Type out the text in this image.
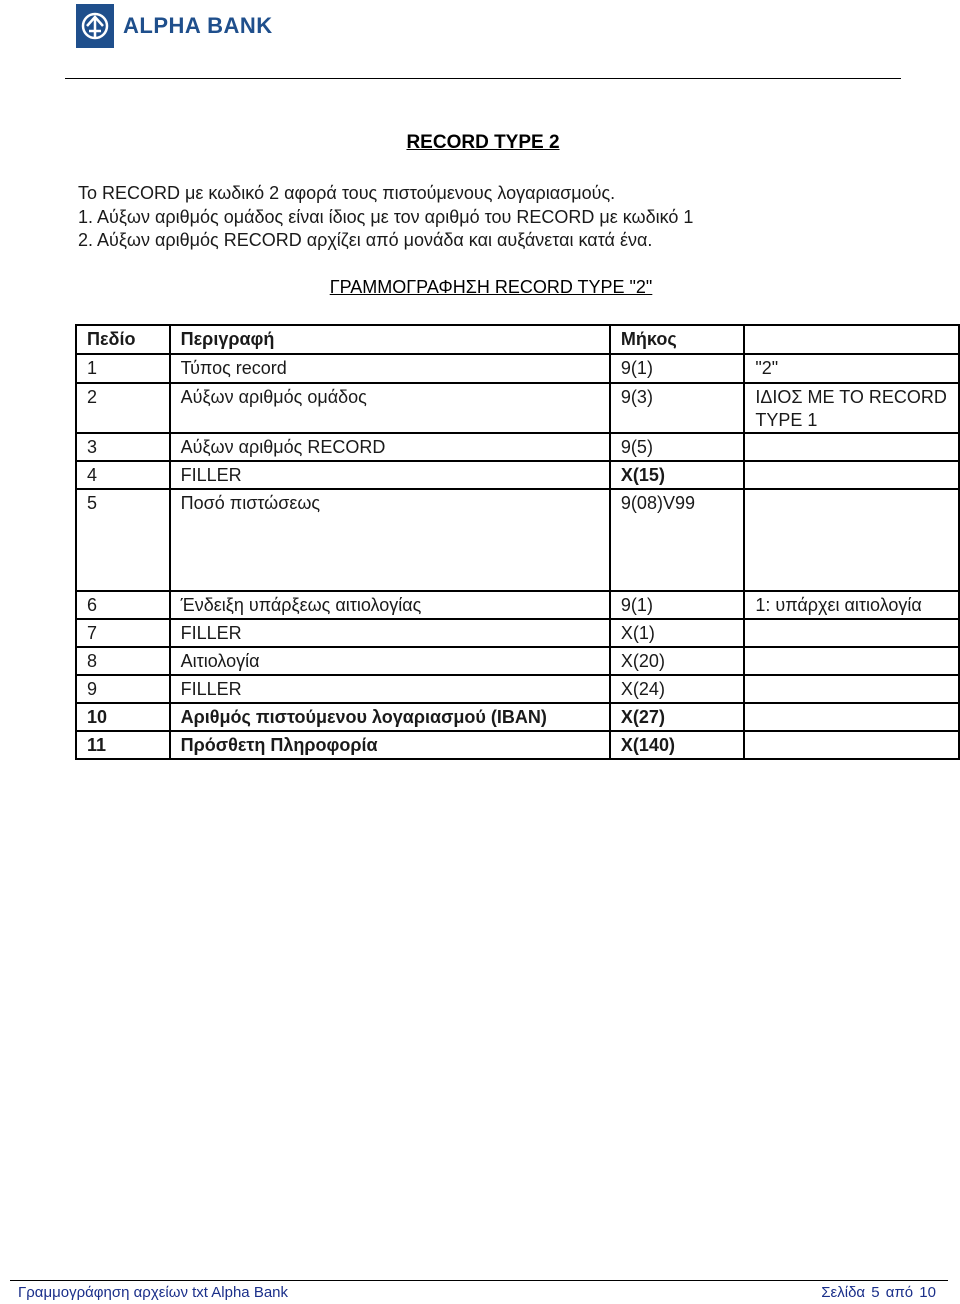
ALPHA BANK
RECORD TYPE 2
Το RECORD με κωδικό 2 αφορά τους πιστούμενους λογαριασμούς.
1. Αύξων αριθμός ομάδος είναι ίδιος με τον αριθμό του RECORD με κωδικό 1
2. Αύξων αριθμός RECORD αρχίζει από μονάδα και αυξάνεται κατά ένα.
ΓΡΑΜΜΟΓΡΑΦΗΣΗ RECORD TYPE "2"
Πεδίο	Περιγραφή	Μήκος	
1	Τύπος record	9(1)	"2"
2	Αύξων αριθμός ομάδος	9(3)	ΙΔΙΟΣ ΜΕ ΤΟ RECORD TYPE 1
3	Αύξων αριθμός RECORD	9(5)	
4	FILLER	X(15)	
5	Ποσό πιστώσεως	9(08)V99	
6	Ένδειξη υπάρξεως αιτιολογίας	9(1)	1: υπάρχει αιτιολογία
7	FILLER	X(1)	
8	Αιτιολογία	X(20)	
9	FILLER	X(24)	
10	Αριθμός πιστούμενου λογαριασμού (IBAN)	X(27)	
11	Πρόσθετη Πληροφορία	X(140)	
Γραμμογράφηση αρχείων txt Alpha Bank	Σελίδα 5 από 10
